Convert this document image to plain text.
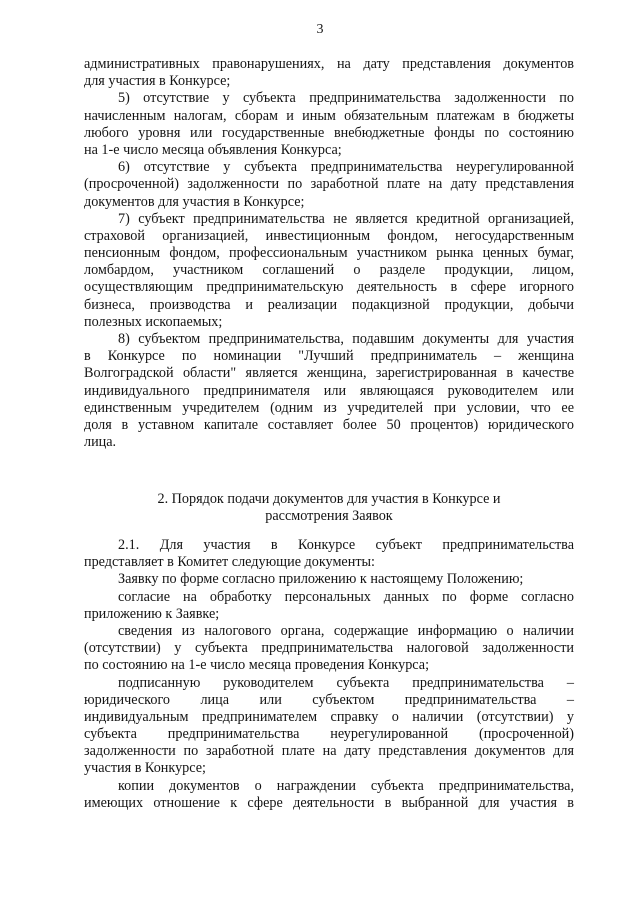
3
административных правонарушениях, на дату представления документов
для участия в Конкурсе;
5) отсутствие у субъекта предпринимательства задолженности по
начисленным налогам, сборам и иным обязательным платежам в бюджеты
любого уровня или государственные внебюджетные фонды по состоянию
на 1-е число месяца объявления Конкурса;
6) отсутствие у субъекта предпринимательства неурегулированной
(просроченной) задолженности по заработной плате на дату представления
документов для участия в Конкурсе;
7) субъект предпринимательства не является кредитной организацией,
страховой организацией, инвестиционным фондом, негосударственным
пенсионным фондом, профессиональным участником рынка ценных бумаг,
ломбардом, участником соглашений о разделе продукции, лицом,
осуществляющим предпринимательскую деятельность в сфере игорного
бизнеса, производства и реализации подакцизной продукции, добычи
полезных ископаемых;
8) субъектом предпринимательства, подавшим документы для участия
в Конкурсе по номинации "Лучший предприниматель – женщина
Волгоградской области" является женщина, зарегистрированная в качестве
индивидуального предпринимателя или являющаяся руководителем или
единственным учредителем (одним из учредителей при условии, что ее
доля в уставном капитале составляет более 50 процентов) юридического
лица.
2. Порядок подачи документов для участия в Конкурсе и
рассмотрения Заявок
2.1. Для участия в Конкурсе субъект предпринимательства
представляет в Комитет следующие документы:
Заявку по форме согласно приложению к настоящему Положению;
согласие на обработку персональных данных по форме согласно
приложению к Заявке;
сведения из налогового органа, содержащие информацию о наличии
(отсутствии) у субъекта предпринимательства налоговой задолженности
по состоянию на 1-е число месяца проведения Конкурса;
подписанную руководителем субъекта предпринимательства –
юридического лица или субъектом предпринимательства –
индивидуальным предпринимателем справку о наличии (отсутствии) у
субъекта предпринимательства неурегулированной (просроченной)
задолженности по заработной плате на дату представления документов для
участия в Конкурсе;
копии документов о награждении субъекта предпринимательства,
имеющих отношение к сфере деятельности в выбранной для участия в
